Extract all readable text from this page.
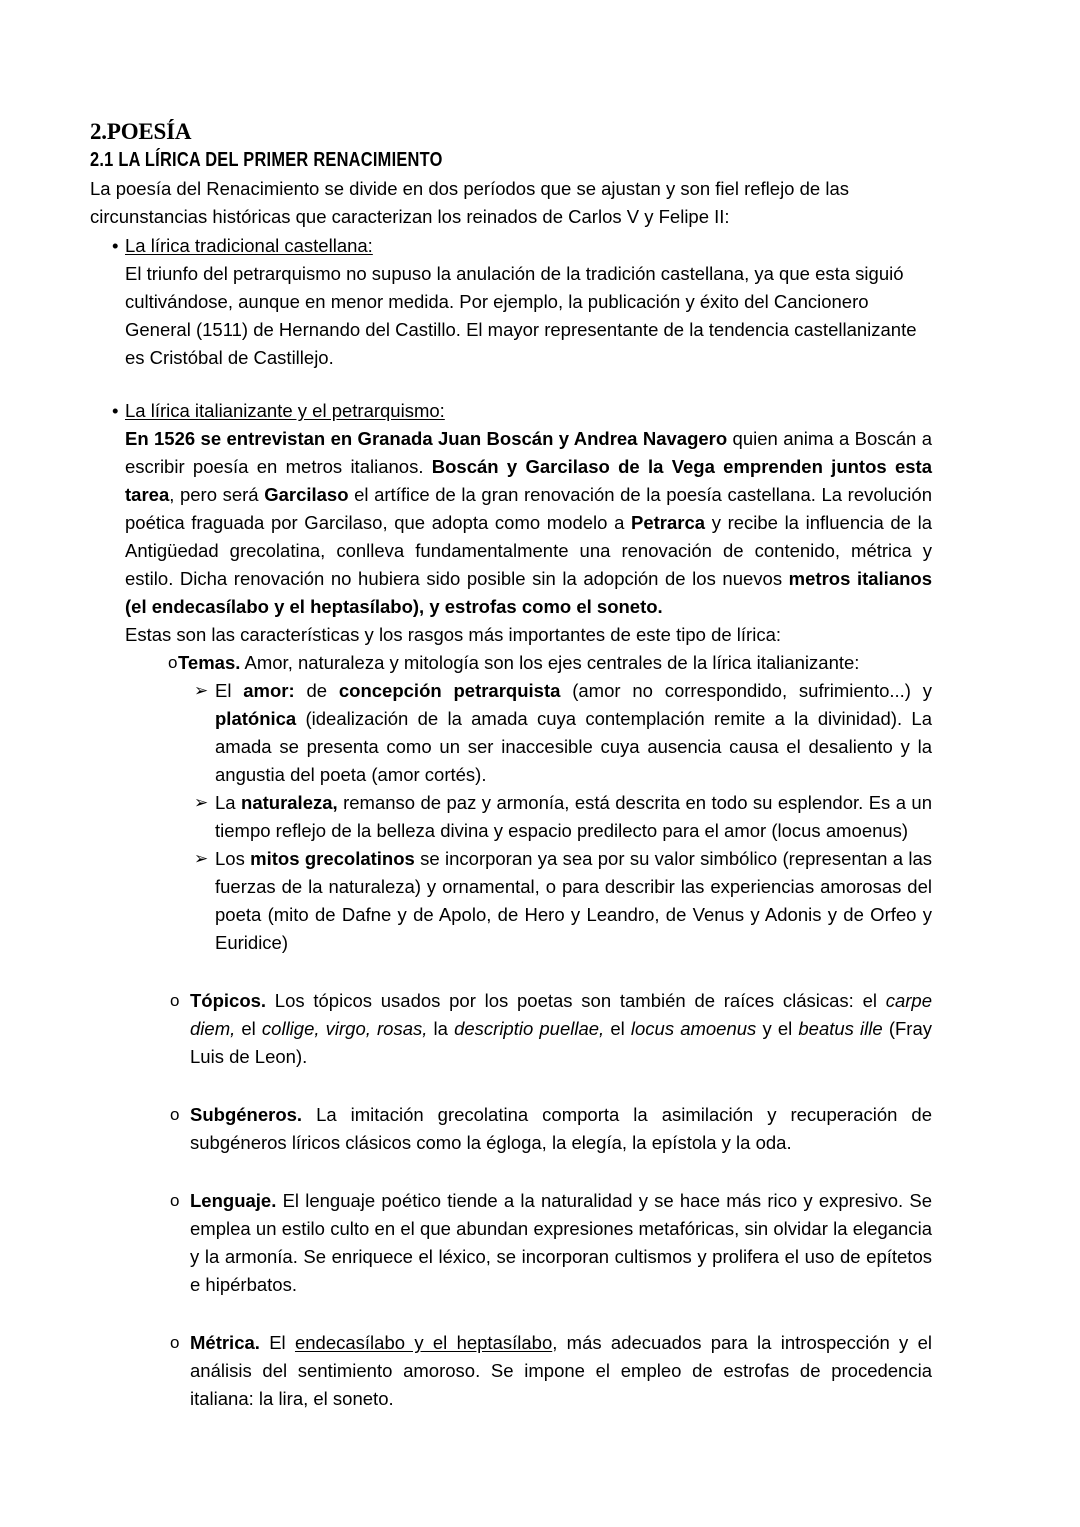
2.POESÍA
2.1 LA LÍRICA DEL PRIMER RENACIMIENTO

La poesía del Renacimiento se divide en dos períodos que se ajustan y son fiel reflejo de las

circunstancias históricas que caracterizan los reinados de Carlos V y Felipe II:

• La lírica tradicional castellana:
El triunfo del petrarquismo no supuso la anulación de la tradición castellana, ya que esta siguió cultivándose, aunque en menor medida. Por ejemplo, la publicación y éxito del Cancionero General (1511) de Hernando del Castillo. El mayor representante de la tendencia castellanizante es Cristóbal de Castillejo.
• La lírica italianizante y el petrarquismo:
En 1526 se entrevistan en Granada Juan Boscán y Andrea Navagero quien anima a Boscán a escribir poesía en metros italianos. Boscán y Garcilaso de la Vega emprenden juntos esta tarea, pero será Garcilaso el artífice de la gran renovación de la poesía castellana. La revolución poética fraguada por Garcilaso, que adopta como modelo a Petrarca y recibe la influencia de la Antigüedad grecolatina, conlleva fundamentalmente una renovación de contenido, métrica y estilo. Dicha renovación no hubiera sido posible sin la adopción de los nuevos metros italianos (el endecasílabo y el heptasílabo), y estrofas como el soneto.
Estas son las características y los rasgos más importantes de este tipo de lírica:
o Temas. Amor, naturaleza y mitología son los ejes centrales de la lírica italianizante:
➢ El amor: de concepción petrarquista (amor no correspondido, sufrimiento...) y platónica (idealización de la amada cuya contemplación remite a la divinidad). La amada se presenta como un ser inaccesible cuya ausencia causa el desaliento y la angustia del poeta (amor cortés).
➢ La naturaleza, remanso de paz y armonía, está descrita en todo su esplendor. Es a un tiempo reflejo de la belleza divina y espacio predilecto para el amor (locus amoenus)
➢ Los mitos grecolatinos se incorporan ya sea por su valor simbólico (representan a las fuerzas de la naturaleza) y ornamental, o para describir las experiencias amorosas del poeta (mito de Dafne y de Apolo, de Hero y Leandro, de Venus y Adonis y de Orfeo y Euridice)
o Tópicos. Los tópicos usados por los poetas son también de raíces clásicas: el carpe diem, el collige, virgo, rosas, la descriptio puellae, el locus amoenus y el beatus ille (Fray Luis de Leon).
o Subgéneros. La imitación grecolatina comporta la asimilación y recuperación de subgéneros líricos clásicos como la égloga, la elegía, la epístola y la oda.
o Lenguaje. El lenguaje poético tiende a la naturalidad y se hace más rico y expresivo. Se emplea un estilo culto en el que abundan expresiones metafóricas, sin olvidar la elegancia y la armonía. Se enriquece el léxico, se incorporan cultismos y prolifera el uso de epítetos e hipérbatos.
o Métrica. El endecasílabo y el heptasílabo, más adecuados para la introspección y el análisis del sentimiento amoroso. Se impone el empleo de estrofas de procedencia italiana: la lira, el soneto.
